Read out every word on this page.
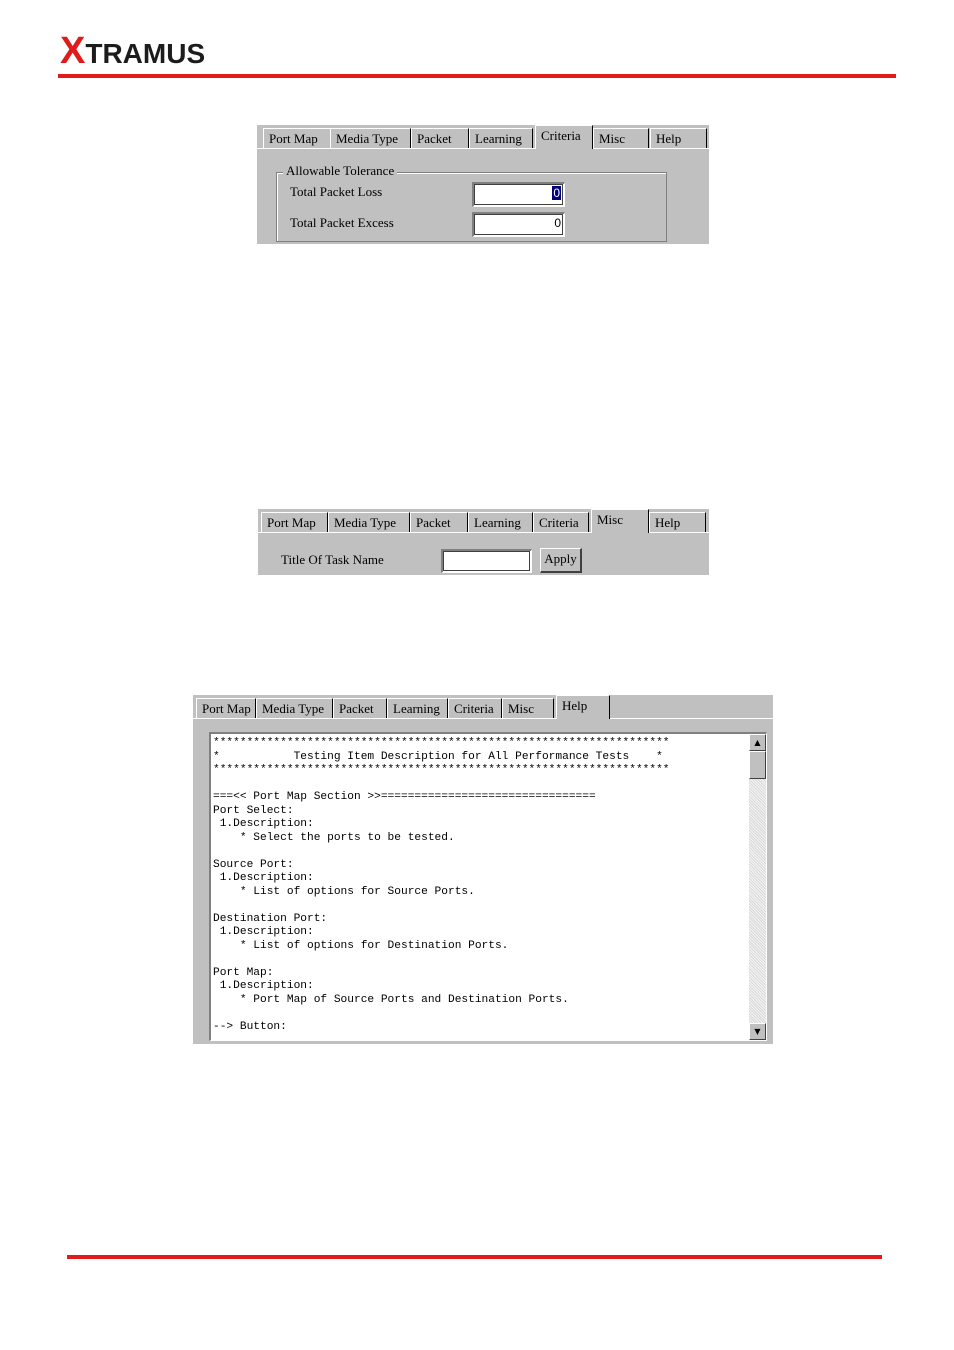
XTRAMUS
Port Map	Media Type	Packet	Learning	Criteria	Misc	Help
Allowable Tolerance
Total Packet Loss	0
Total Packet Excess	0
Port Map	Media Type	Packet	Learning	Criteria	Misc	Help
Title Of Task Name	Apply
Port Map Media Type	Packet	Learning	Criteria	Misc	Help
********************************************************************
*           Testing Item Description for All Performance Tests    *
********************************************************************

===<< Port Map Section >>================================
Port Select:
1.Description:
* Select the ports to be tested.

Source Port:
1.Description:
* List of options for Source Ports.

Destination Port:
1.Description:
* List of options for Destination Ports.

Port Map:
1.Description:
* Port Map of Source Ports and Destination Ports.

--> Button:
▲
▼
